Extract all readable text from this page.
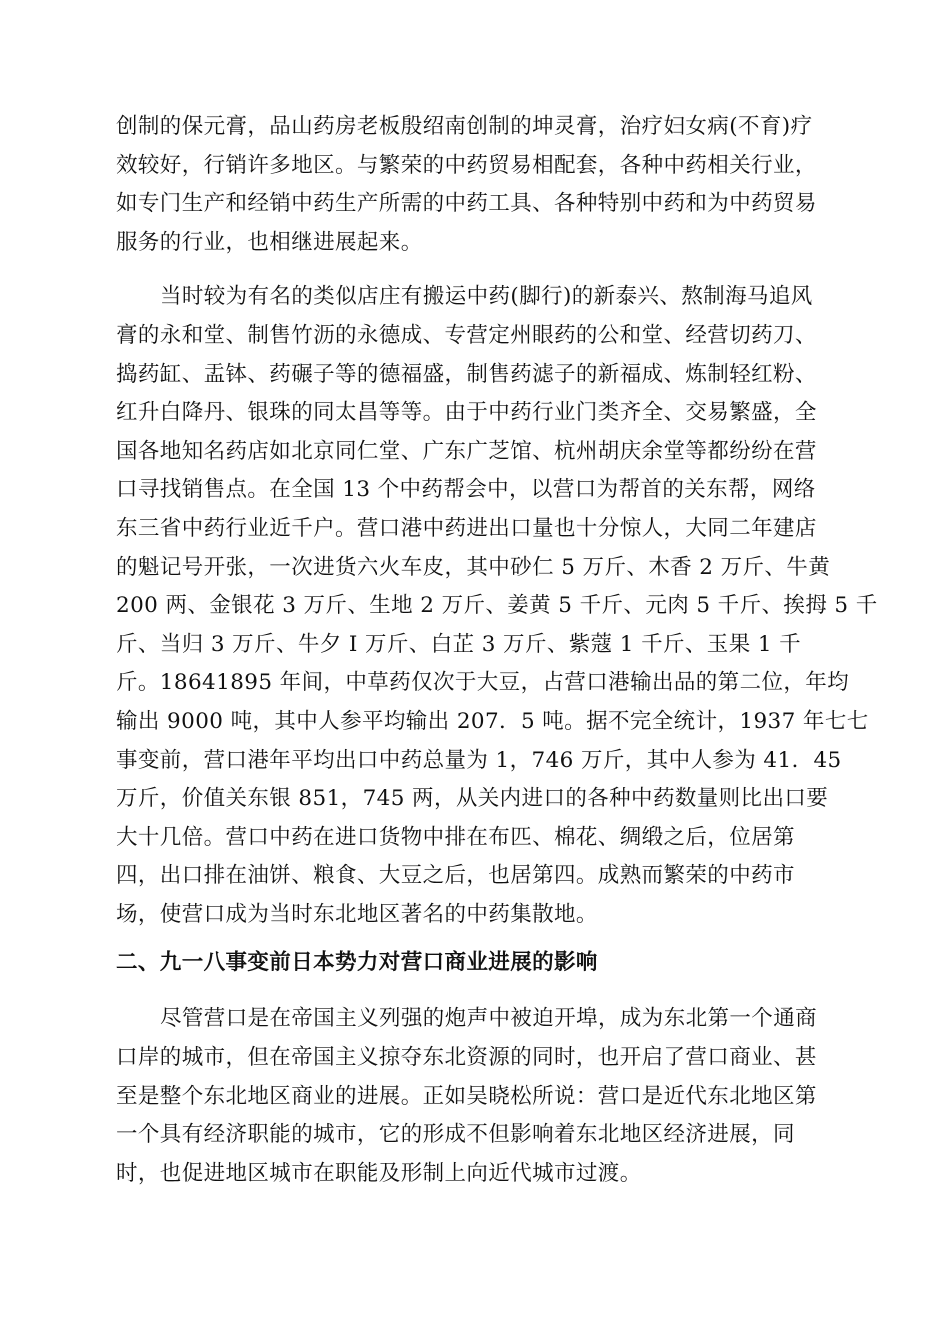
创制的保元膏，品山药房老板殷绍南创制的坤灵膏，治疗妇女病(不育)疗
效较好，行销许多地区。与繁荣的中药贸易相配套，各种中药相关行业，
如专门生产和经销中药生产所需的中药工具、各种特别中药和为中药贸易
服务的行业，也相继进展起来。
当时较为有名的类似店庄有搬运中药(脚行)的新泰兴、熬制海马追风
膏的永和堂、制售竹沥的永德成、专营定州眼药的公和堂、经营切药刀、
捣药缸、盂钵、药碾子等的德福盛，制售药滤子的新福成、炼制轻红粉、
红升白降丹、银珠的同太昌等等。由于中药行业门类齐全、交易繁盛，全
国各地知名药店如北京同仁堂、广东广芝馆、杭州胡庆余堂等都纷纷在营
口寻找销售点。在全国 13 个中药帮会中，以营口为帮首的关东帮，网络
东三省中药行业近千户。营口港中药进出口量也十分惊人，大同二年建店
的魁记号开张，一次进货六火车皮，其中砂仁 5 万斤、木香 2 万斤、牛黄
200 两、金银花 3 万斤、生地 2 万斤、姜黄 5 千斤、元肉 5 千斤、挨拇 5 千
斤、当归 3 万斤、牛夕 I 万斤、白芷 3 万斤、紫蔻 1 千斤、玉果 1 千
斤。18641895 年间，中草药仅次于大豆，占营口港输出品的第二位，年均
输出 9000 吨，其中人参平均输出 207．5 吨。据不完全统计，1937 年七七
事变前，营口港年平均出口中药总量为 1，746 万斤，其中人参为 41．45
万斤，价值关东银 851，745 两，从关内进口的各种中药数量则比出口要
大十几倍。营口中药在进口货物中排在布匹、棉花、绸缎之后，位居第
四，出口排在油饼、粮食、大豆之后，也居第四。成熟而繁荣的中药市
场，使营口成为当时东北地区著名的中药集散地。
二、九一八事变前日本势力对营口商业进展的影响
尽管营口是在帝国主义列强的炮声中被迫开埠，成为东北第一个通商
口岸的城市，但在帝国主义掠夺东北资源的同时，也开启了营口商业、甚
至是整个东北地区商业的进展。正如吴晓松所说：营口是近代东北地区第
一个具有经济职能的城市，它的形成不但影响着东北地区经济进展，同
时，也促进地区城市在职能及形制上向近代城市过渡。
